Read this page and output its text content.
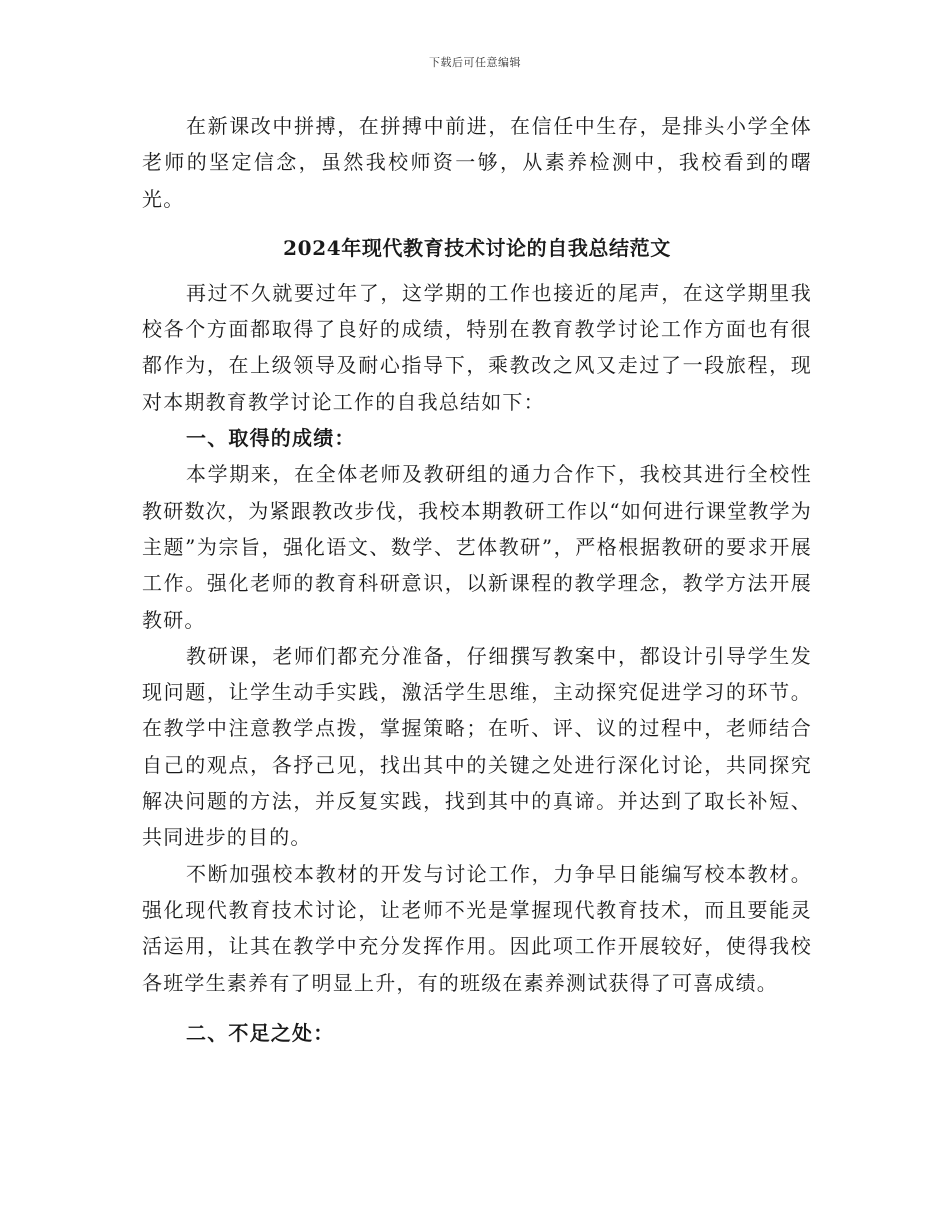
下载后可任意编辑

在新课改中拼搏，在拼搏中前进，在信任中生存，是排头小学全体老师的坚定信念，虽然我校师资一够，从素养检测中，我校看到的曙光。

2024年现代教育技术讨论的自我总结范文

再过不久就要过年了，这学期的工作也接近的尾声，在这学期里我校各个方面都取得了良好的成绩，特别在教育教学讨论工作方面也有很都作为，在上级领导及耐心指导下，乘教改之风又走过了一段旅程，现对本期教育教学讨论工作的自我总结如下：

一、取得的成绩：

本学期来，在全体老师及教研组的通力合作下，我校其进行全校性教研数次，为紧跟教改步伐，我校本期教研工作以“如何进行课堂教学为主题”为宗旨，强化语文、数学、艺体教研”，严格根据教研的要求开展工作。强化老师的教育科研意识，以新课程的教学理念，教学方法开展教研。

教研课，老师们都充分准备，仔细撰写教案中，都设计引导学生发现问题，让学生动手实践，激活学生思维，主动探究促进学习的环节。在教学中注意教学点拨，掌握策略；在听、评、议的过程中，老师结合自己的观点，各抒己见，找出其中的关键之处进行深化讨论，共同探究解决问题的方法，并反复实践，找到其中的真谛。并达到了取长补短、共同进步的目的。

不断加强校本教材的开发与讨论工作，力争早日能编写校本教材。强化现代教育技术讨论，让老师不光是掌握现代教育技术，而且要能灵活运用，让其在教学中充分发挥作用。因此项工作开展较好，使得我校各班学生素养有了明显上升，有的班级在素养测试获得了可喜成绩。

二、不足之处：
